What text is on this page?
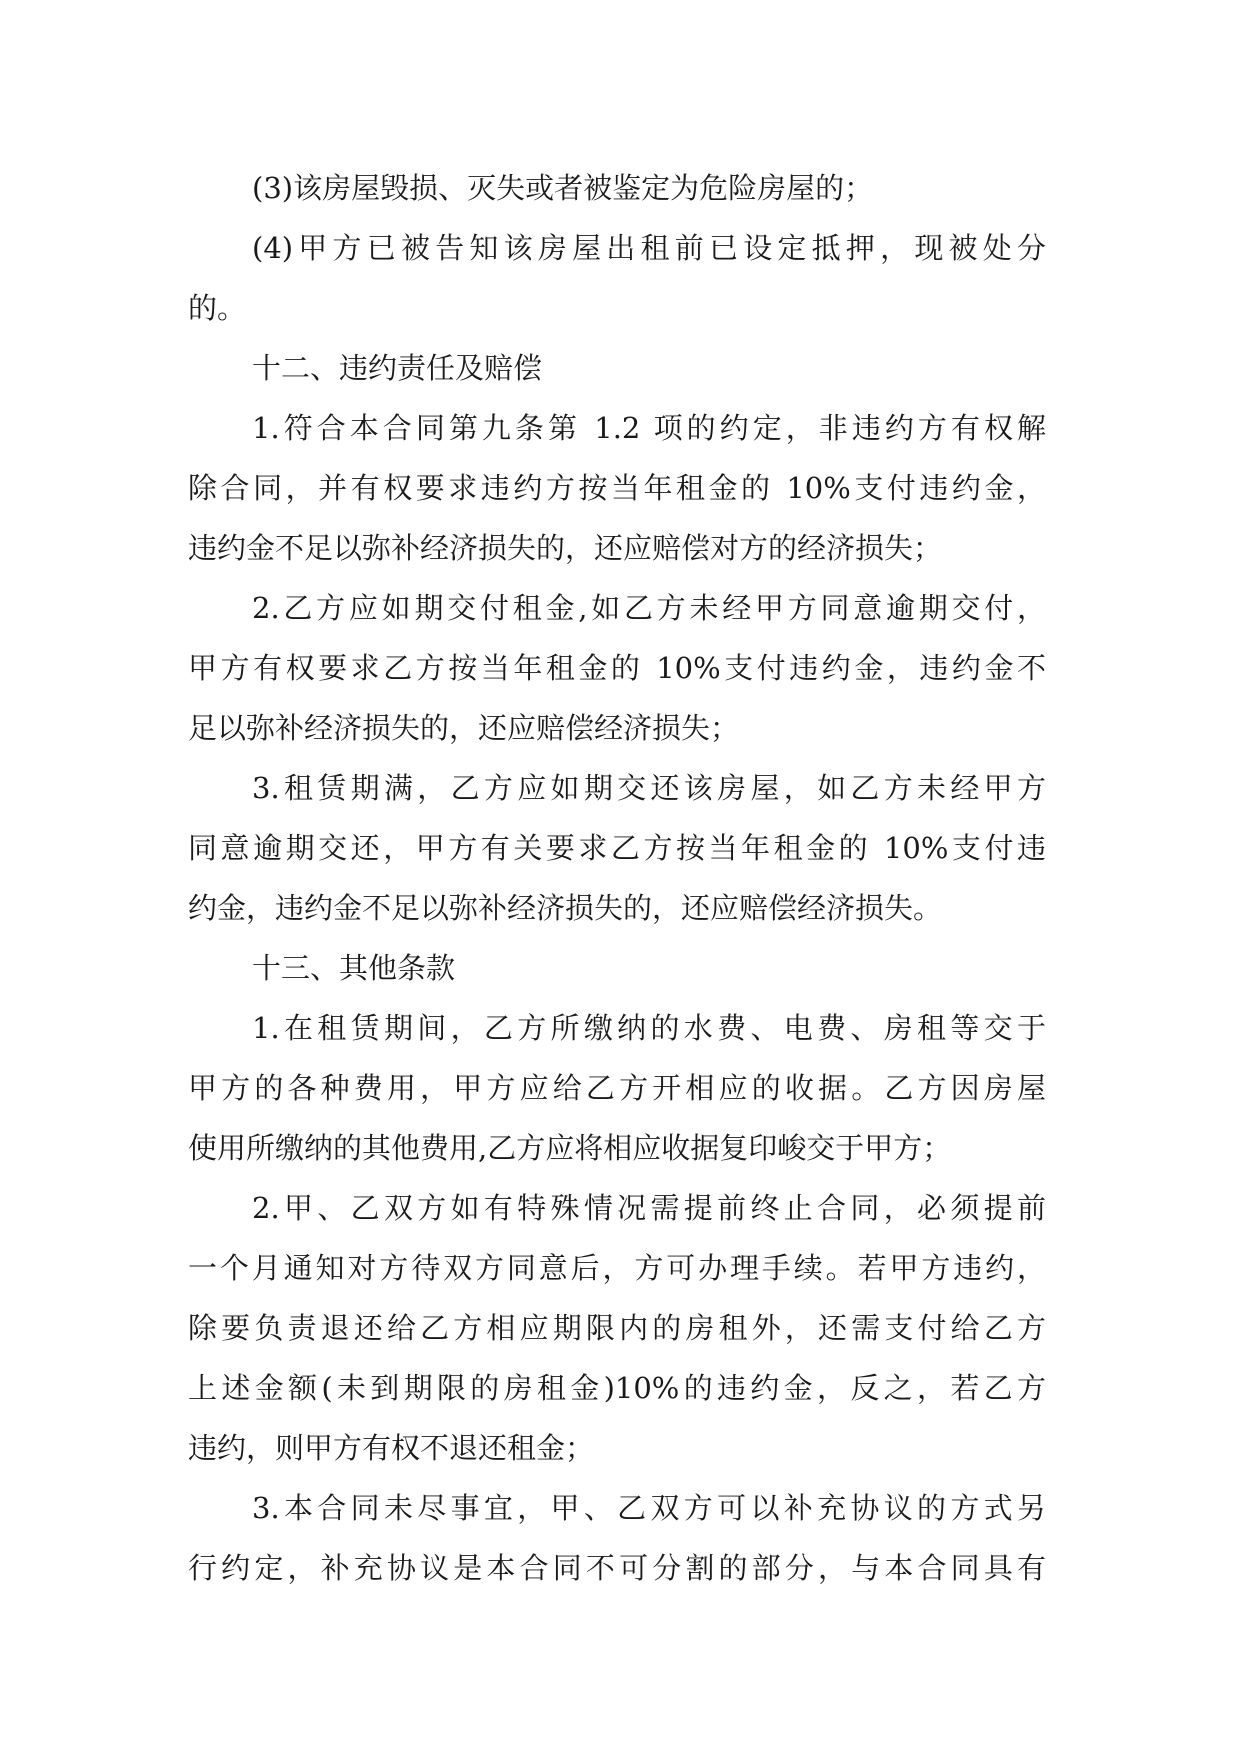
(3)该房屋毁损、灭失或者被鉴定为危险房屋的；
(4)甲方已被告知该房屋出租前已设定抵押，现被处分
的。
十二、违约责任及赔偿
1.符合本合同第九条第 1.2 项的约定，非违约方有权解
除合同，并有权要求违约方按当年租金的 10%支付违约金，
违约金不足以弥补经济损失的，还应赔偿对方的经济损失；
2.乙方应如期交付租金,如乙方未经甲方同意逾期交付，
甲方有权要求乙方按当年租金的 10%支付违约金，违约金不
足以弥补经济损失的，还应赔偿经济损失；
3.租赁期满，乙方应如期交还该房屋，如乙方未经甲方
同意逾期交还，甲方有关要求乙方按当年租金的 10%支付违
约金，违约金不足以弥补经济损失的，还应赔偿经济损失。
十三、其他条款
1.在租赁期间，乙方所缴纳的水费、电费、房租等交于
甲方的各种费用，甲方应给乙方开相应的收据。乙方因房屋
使用所缴纳的其他费用,乙方应将相应收据复印峻交于甲方；
2.甲、乙双方如有特殊情况需提前终止合同，必须提前
一个月通知对方待双方同意后，方可办理手续。若甲方违约，
除要负责退还给乙方相应期限内的房租外，还需支付给乙方
上述金额(未到期限的房租金)10%的违约金，反之，若乙方
违约，则甲方有权不退还租金；
3.本合同未尽事宜，甲、乙双方可以补充协议的方式另
行约定，补充协议是本合同不可分割的部分，与本合同具有
